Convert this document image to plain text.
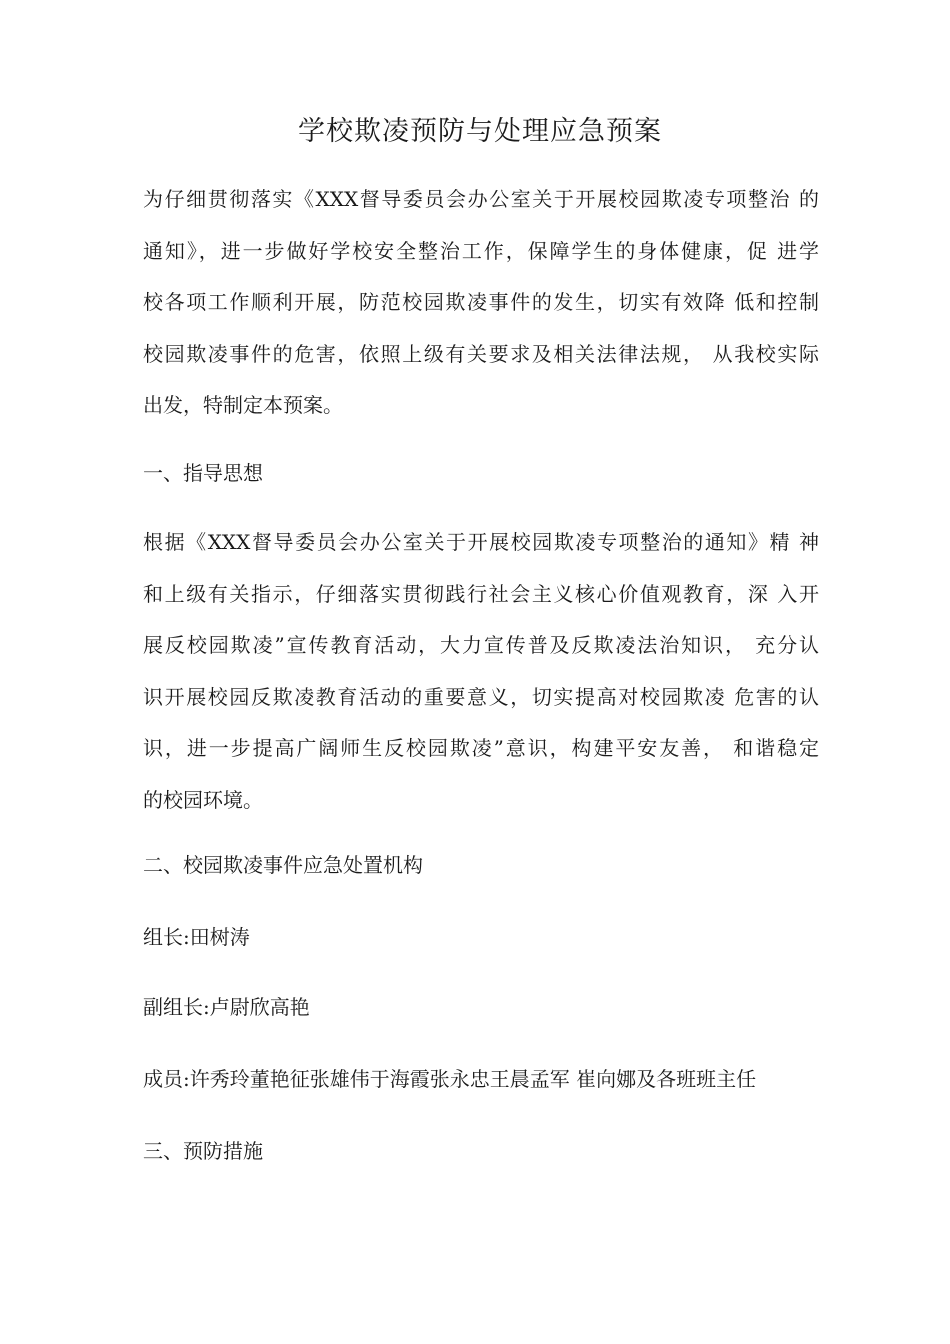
学校欺凌预防与处理应急预案
为仔细贯彻落实《XXX督导委员会办公室关于开展校园欺凌专项整治 的
通知》，进一步做好学校安全整治工作，保障学生的身体健康，促 进学
校各项工作顺利开展，防范校园欺凌事件的发生，切实有效降 低和控制
校园欺凌事件的危害，依照上级有关要求及相关法律法规， 从我校实际
出发，特制定本预案。
一、指导思想
根据《XXX督导委员会办公室关于开展校园欺凌专项整治的通知》精 神
和上级有关指示，仔细落实贯彻践行社会主义核心价值观教育，深 入开
展反校园欺凌”宣传教育活动，大力宣传普及反欺凌法治知识， 充分认
识开展校园反欺凌教育活动的重要意义，切实提高对校园欺凌 危害的认
识，进一步提高广阔师生反校园欺凌”意识，构建平安友善， 和谐稳定
的校园环境。
二、校园欺凌事件应急处置机构
组长:田树涛
副组长:卢尉欣高艳
成员:许秀玲董艳征张雄伟于海霞张永忠王晨孟军 崔向娜及各班班主任
三、预防措施
